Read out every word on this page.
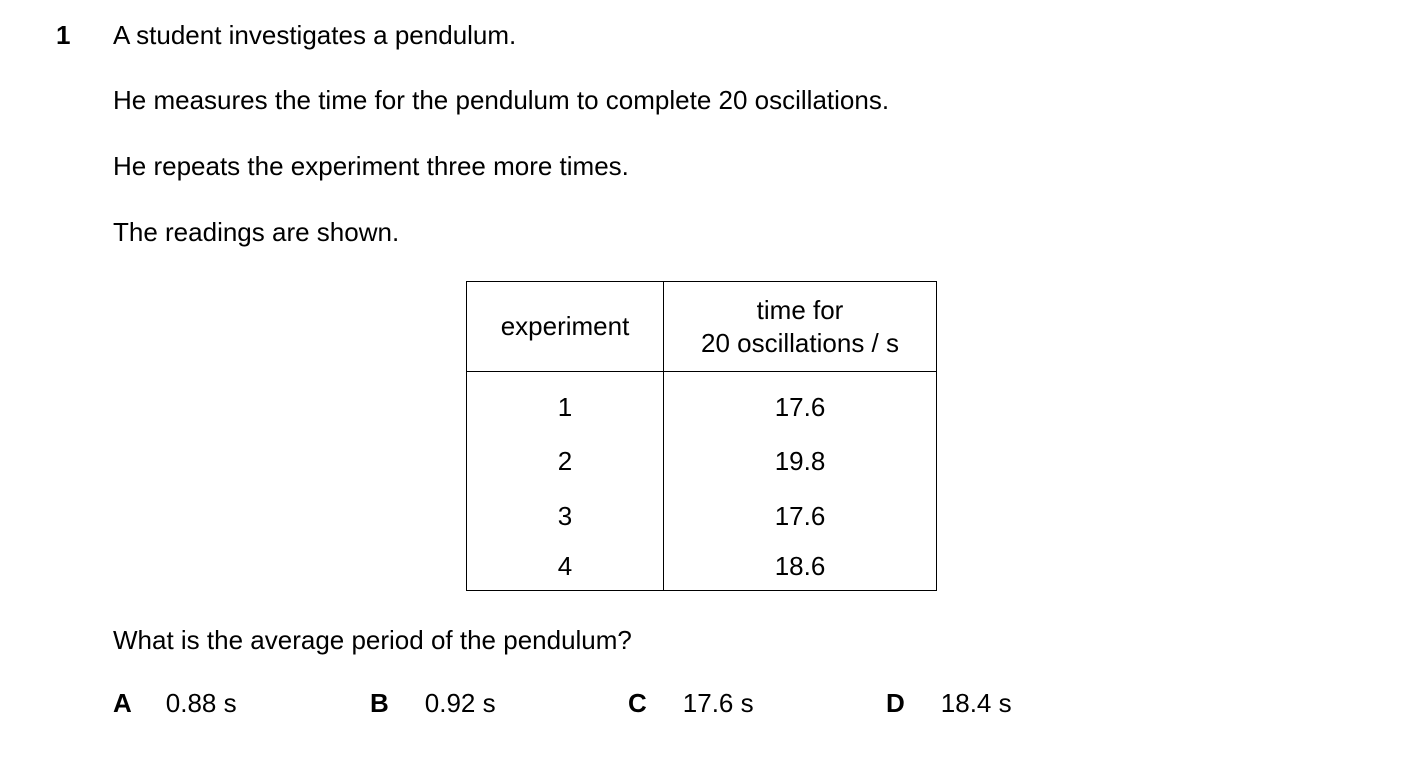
1 A student investigates a pendulum.
He measures the time for the pendulum to complete 20 oscillations.
He repeats the experiment three more times.
The readings are shown.
experiment	time for
20 oscillations / s
1	17.6
2	19.8
3	17.6
4	18.6
What is the average period of the pendulum?
A 0.88 s	B 0.92 s	C 17.6 s	D 18.4 s
